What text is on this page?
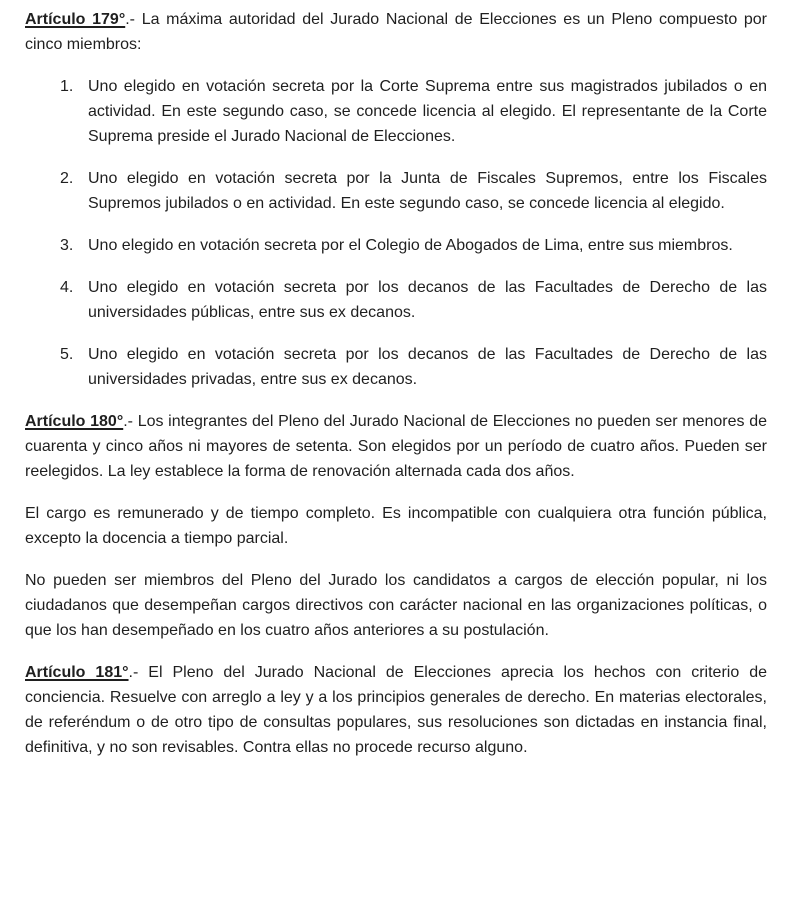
Artículo 179°.- La máxima autoridad del Jurado Nacional de Elecciones es un Pleno compuesto por cinco miembros:

1. Uno elegido en votación secreta por la Corte Suprema entre sus magistrados jubilados o en actividad. En este segundo caso, se concede licencia al elegido. El representante de la Corte Suprema preside el Jurado Nacional de Elecciones.
2. Uno elegido en votación secreta por la Junta de Fiscales Supremos, entre los Fiscales Supremos jubilados o en actividad. En este segundo caso, se concede licencia al elegido.
3. Uno elegido en votación secreta por el Colegio de Abogados de Lima, entre sus miembros.
4. Uno elegido en votación secreta por los decanos de las Facultades de Derecho de las universidades públicas, entre sus ex decanos.
5. Uno elegido en votación secreta por los decanos de las Facultades de Derecho de las universidades privadas, entre sus ex decanos.

Artículo 180°.- Los integrantes del Pleno del Jurado Nacional de Elecciones no pueden ser menores de cuarenta y cinco años ni mayores de setenta. Son elegidos por un período de cuatro años. Pueden ser reelegidos. La ley establece la forma de renovación alternada cada dos años.

El cargo es remunerado y de tiempo completo. Es incompatible con cualquiera otra función pública, excepto la docencia a tiempo parcial.

No pueden ser miembros del Pleno del Jurado los candidatos a cargos de elección popular, ni los ciudadanos que desempeñan cargos directivos con carácter nacional en las organizaciones políticas, o que los han desempeñado en los cuatro años anteriores a su postulación.

Artículo 181°.- El Pleno del Jurado Nacional de Elecciones aprecia los hechos con criterio de conciencia. Resuelve con arreglo a ley y a los principios generales de derecho. En materias electorales, de referéndum o de otro tipo de consultas populares, sus resoluciones son dictadas en instancia final, definitiva, y no son revisables. Contra ellas no procede recurso alguno.
